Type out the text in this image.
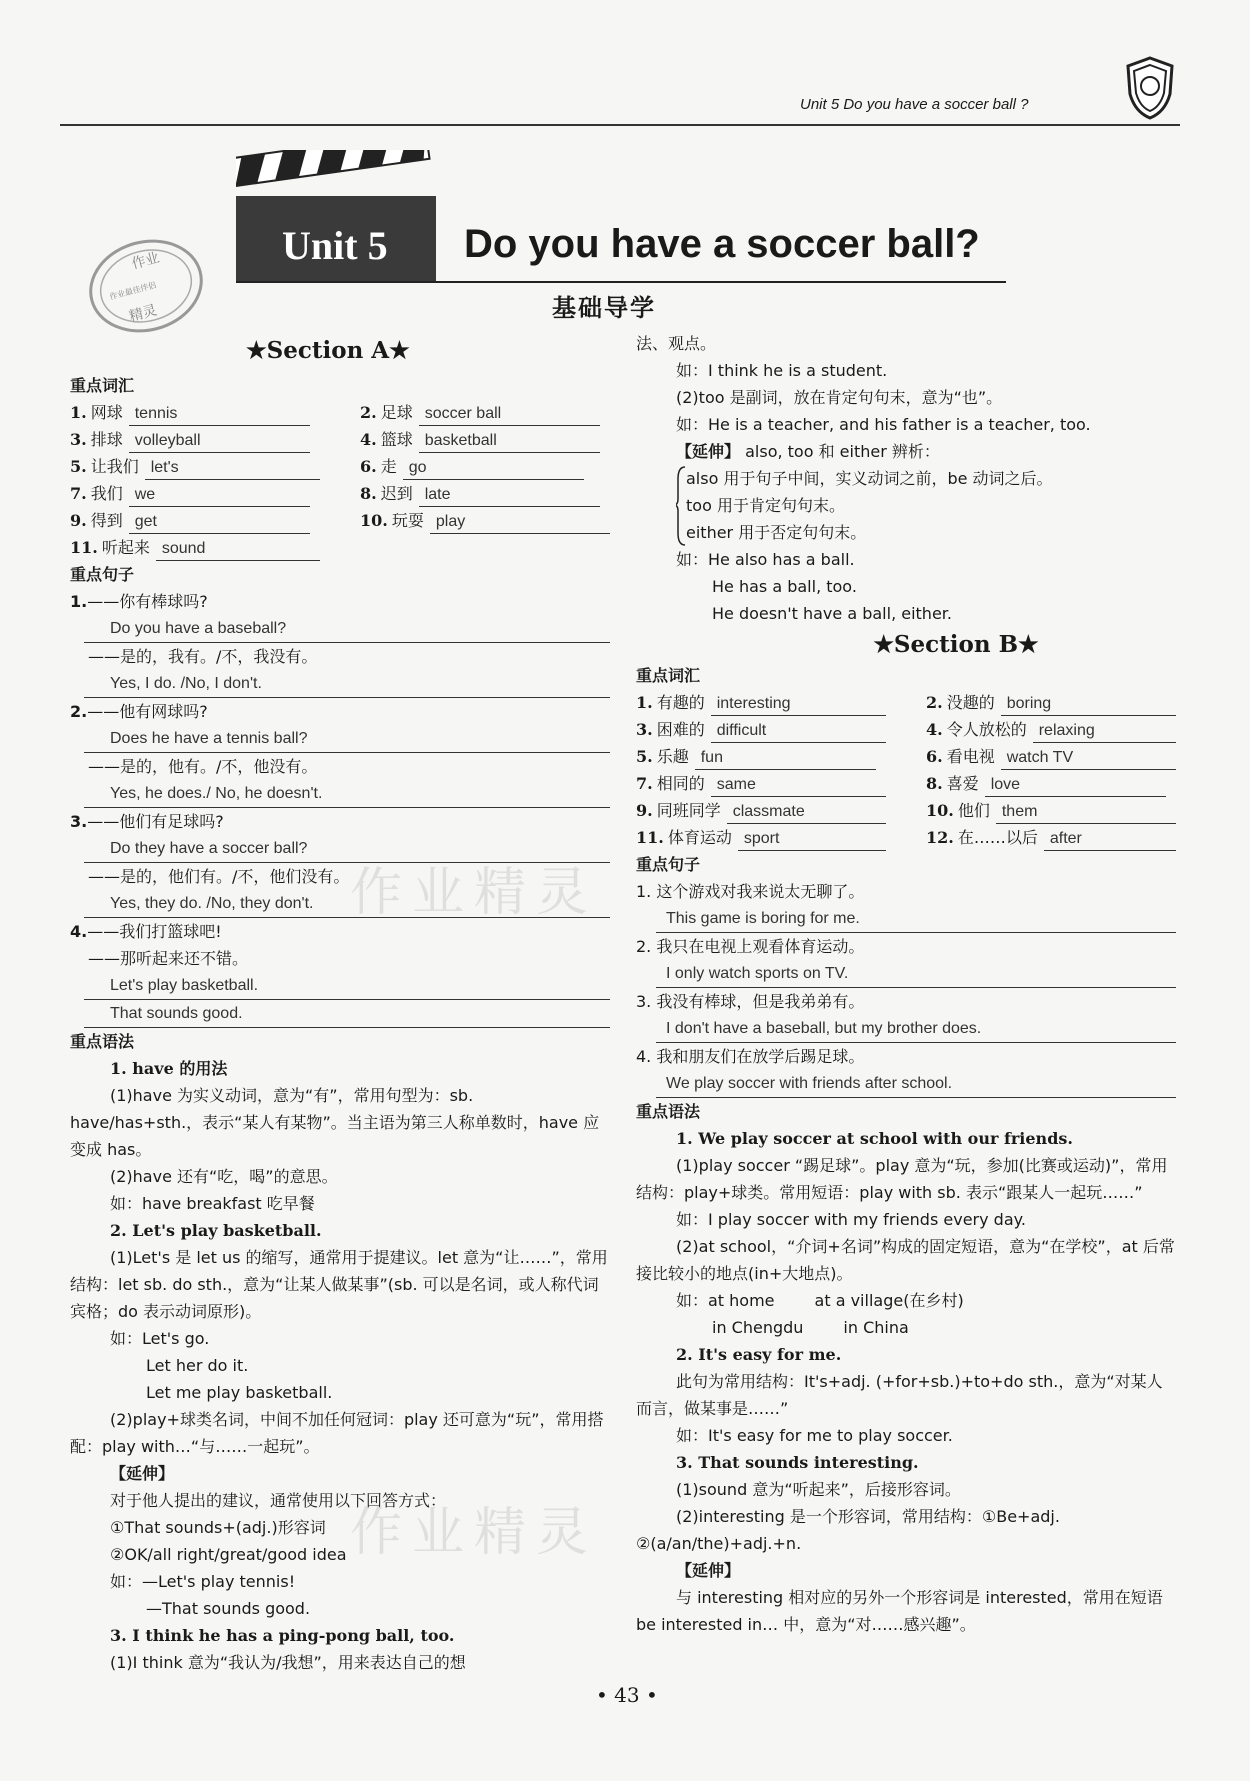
Unit 5 Do you have a soccer ball ?
Unit 5 Do you have a soccer ball?
作业
作业最佳伴侣
精灵	基础导学
★Section A★
重点词汇
1. 网球 tennis	2. 足球 soccer ball
3. 排球 volleyball	4. 篮球 basketball
5. 让我们 let's	6. 走 go
7. 我们 we	8. 迟到 late
9. 得到 get	10. 玩耍 play
11. 听起来 sound
重点句子
1.——你有棒球吗?
Do you have a baseball?
——是的，我有。/不，我没有。
Yes, I do. /No, I don't.
2.——他有网球吗?
Does he have a tennis ball?
——是的，他有。/不，他没有。
Yes, he does./ No, he doesn't.
3.——他们有足球吗?
Do they have a soccer ball?
——是的，他们有。/不，他们没有。
Yes, they do. /No, they don't.
4.——我们打篮球吧!
——那听起来还不错。
Let's play basketball.
That sounds good.
重点语法
1. have 的用法
(1)have 为实义动词，意为“有”，常用句型为：sb. have/has+sth.，表示“某人有某物”。当主语为第三人称单数时，have 应变成 has。
(2)have 还有“吃，喝”的意思。
如：have breakfast 吃早餐
2. Let's play basketball.
(1)Let's 是 let us 的缩写，通常用于提建议。let 意为“让……”，常用结构：let sb. do sth.，意为“让某人做某事”(sb. 可以是名词，或人称代词宾格；do 表示动词原形)。
如：Let's go.
Let her do it.
Let me play basketball.
(2)play+球类名词，中间不加任何冠词：play 还可意为“玩”，常用搭配：play with…“与……一起玩”。
【延伸】
对于他人提出的建议，通常使用以下回答方式：
①That sounds+(adj.)形容词
②OK/all right/great/good idea
如：—Let's play tennis!
—That sounds good.
3. I think he has a ping-pong ball, too.
(1)I think 意为“我认为/我想”，用来表达自己的想
法、观点。
如：I think he is a student.
(2)too 是副词，放在肯定句句末，意为“也”。
如：He is a teacher, and his father is a teacher, too.
【延伸】 also, too 和 either 辨析：
also 用于句子中间，实义动词之前，be 动词之后。
too 用于肯定句句末。
either 用于否定句句末。
如：He also has a ball.
He has a ball, too.
He doesn't have a ball, either.
★Section B★
重点词汇
1. 有趣的 interesting	2. 没趣的 boring
3. 困难的 difficult	4. 令人放松的 relaxing
5. 乐趣 fun	6. 看电视 watch TV
7. 相同的 same	8. 喜爱 love
9. 同班同学 classmate	10. 他们 them
11. 体育运动 sport	12. 在……以后 after
重点句子
1. 这个游戏对我来说太无聊了。
This game is boring for me.
2. 我只在电视上观看体育运动。
I only watch sports on TV.
3. 我没有棒球，但是我弟弟有。
I don't have a baseball, but my brother does.
4. 我和朋友们在放学后踢足球。
We play soccer with friends after school.
重点语法
1. We play soccer at school with our friends.
(1)play soccer “踢足球”。play 意为“玩，参加(比赛或运动)”，常用结构：play+球类。常用短语：play with sb. 表示“跟某人一起玩……”
如：I play soccer with my friends every day.
(2)at school，“介词+名词”构成的固定短语，意为“在学校”，at 后常接比较小的地点(in+大地点)。
如：at home	at a village(在乡村)
in Chengdu	in China
2. It's easy for me.
此句为常用结构：It's+adj. (+for+sb.)+to+do sth.，意为“对某人而言，做某事是……”
如：It's easy for me to play soccer.
3. That sounds interesting.
(1)sound 意为“听起来”，后接形容词。
(2)interesting 是一个形容词，常用结构：①Be+adj. ②(a/an/the)+adj.+n.
【延伸】
与 interesting 相对应的另外一个形容词是 interested，常用在短语 be interested in… 中，意为“对……感兴趣”。
作业精灵
作业精灵
• 43 •
